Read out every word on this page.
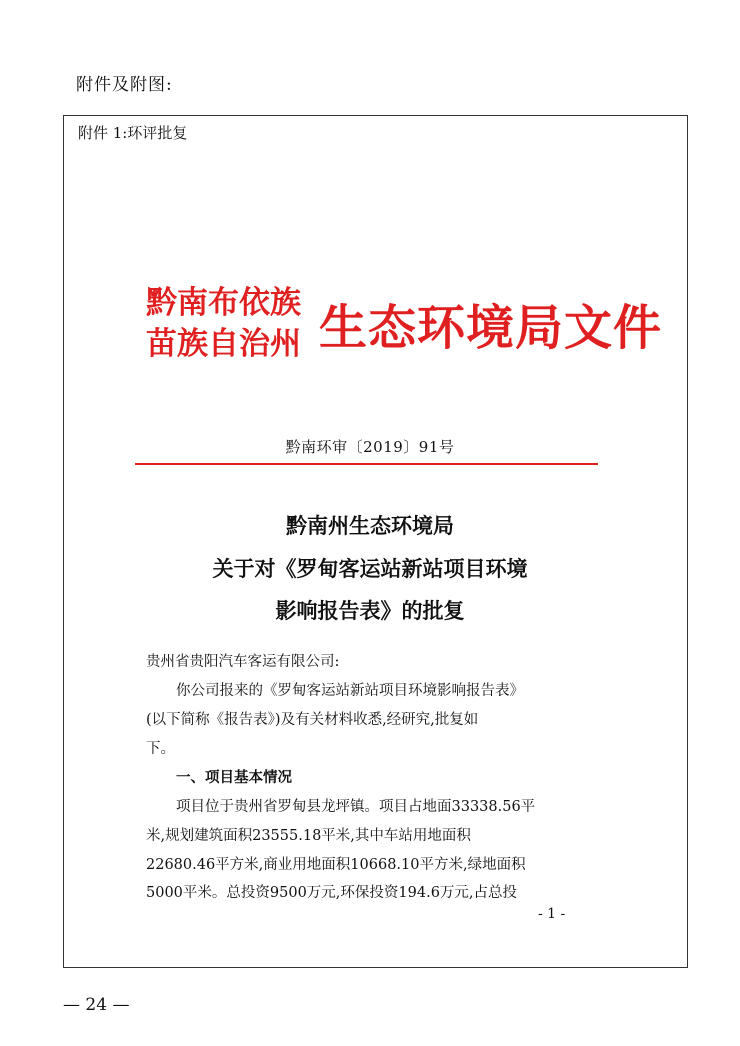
附件及附图:
附件 1:环评批复
黔南布依族
苗族自治州 生态环境局文件
黔南环审〔2019〕91号
黔南州生态环境局
关于对《罗甸客运站新站项目环境
影响报告表》的批复
贵州省贵阳汽车客运有限公司:
你公司报来的《罗甸客运站新站项目环境影响报告表》
(以下简称《报告表》)及有关材料收悉,经研究,批复如
下。
一、项目基本情况
项目位于贵州省罗甸县龙坪镇。项目占地面33338.56平
米,规划建筑面积23555.18平米,其中车站用地面积
22680.46平方米,商业用地面积10668.10平方米,绿地面积
5000平米。总投资9500万元,环保投资194.6万元,占总投
- 1 -
— 24 —
